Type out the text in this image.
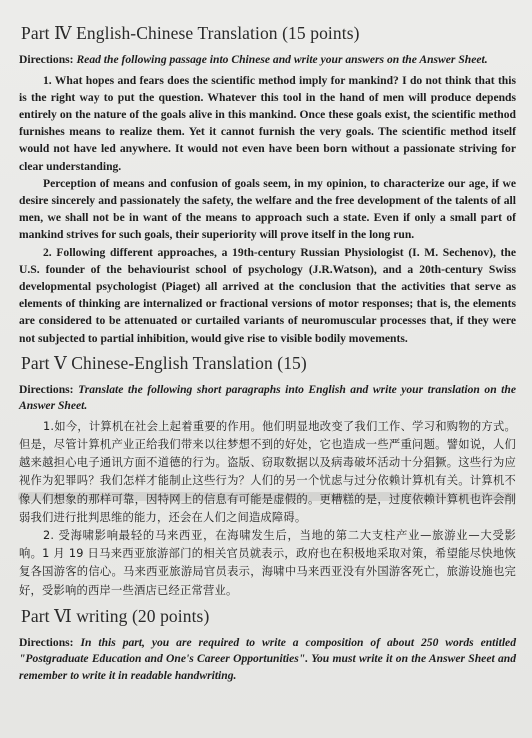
Part Ⅳ English-Chinese Translation (15 points)

Directions: Read the following passage into Chinese and write your answers on the Answer Sheet.

1. What hopes and fears does the scientific method imply for mankind? I do not think that this is the right way to put the question. Whatever this tool in the hand of men will produce depends entirely on the nature of the goals alive in this mankind. Once these goals exist, the scientific method furnishes means to realize them. Yet it cannot furnish the very goals. The scientific method itself would not have led anywhere. It would not even have been born without a passionate striving for clear understanding.

Perception of means and confusion of goals seem, in my opinion, to characterize our age, if we desire sincerely and passionately the safety, the welfare and the free development of the talents of all men, we shall not be in want of the means to approach such a state. Even if only a small part of mankind strives for such goals, their superiority will prove itself in the long run.

2. Following different approaches, a 19th-century Russian Physiologist (I. M. Sechenov), the U.S. founder of the behaviourist school of psychology (J.R.Watson), and a 20th-century Swiss developmental psychologist (Piaget) all arrived at the conclusion that the activities that serve as elements of thinking are internalized or fractional versions of motor responses; that is, the elements are considered to be attenuated or curtailed variants of neuromuscular processes that, if they were not subjected to partial inhibition, would give rise to visible bodily movements.

Part Ⅴ Chinese-English Translation (15)

Directions: Translate the following short paragraphs into English and write your translation on the Answer Sheet.

1.如今，计算机在社会上起着重要的作用。他们明显地改变了我们工作、学习和购物的方式。但是，尽管计算机产业正给我们带来以往梦想不到的好处，它也造成一些严重问题。譬如说，人们越来越担心电子通讯方面不道德的行为。盗版、窃取数据以及病毒破坏活动十分猖獗。这些行为应视作为犯罪吗？我们怎样才能制止这些行为？人们的另一个忧虑与过分依赖计算机有关。计算机不像人们想象的那样可靠，因特网上的信息有可能是虚假的。更糟糕的是，过度依赖计算机也许会削弱我们进行批判思维的能力，还会在人们之间造成障碍。

2. 受海啸影响最轻的马来西亚，在海啸发生后，当地的第二大支柱产业—旅游业—大受影响。1 月 19 日马来西亚旅游部门的相关官员就表示，政府也在积极地采取对策，希望能尽快地恢复各国游客的信心。马来西亚旅游局官员表示，海啸中马来西亚没有外国游客死亡，旅游设施也完好，受影响的西岸一些酒店已经正常营业。

Part Ⅵ writing (20 points)

Directions: In this part, you are required to write a composition of about 250 words entitled "Postgraduate Education and One's Career Opportunities". You must write it on the Answer Sheet and remember to write it in readable handwriting.
